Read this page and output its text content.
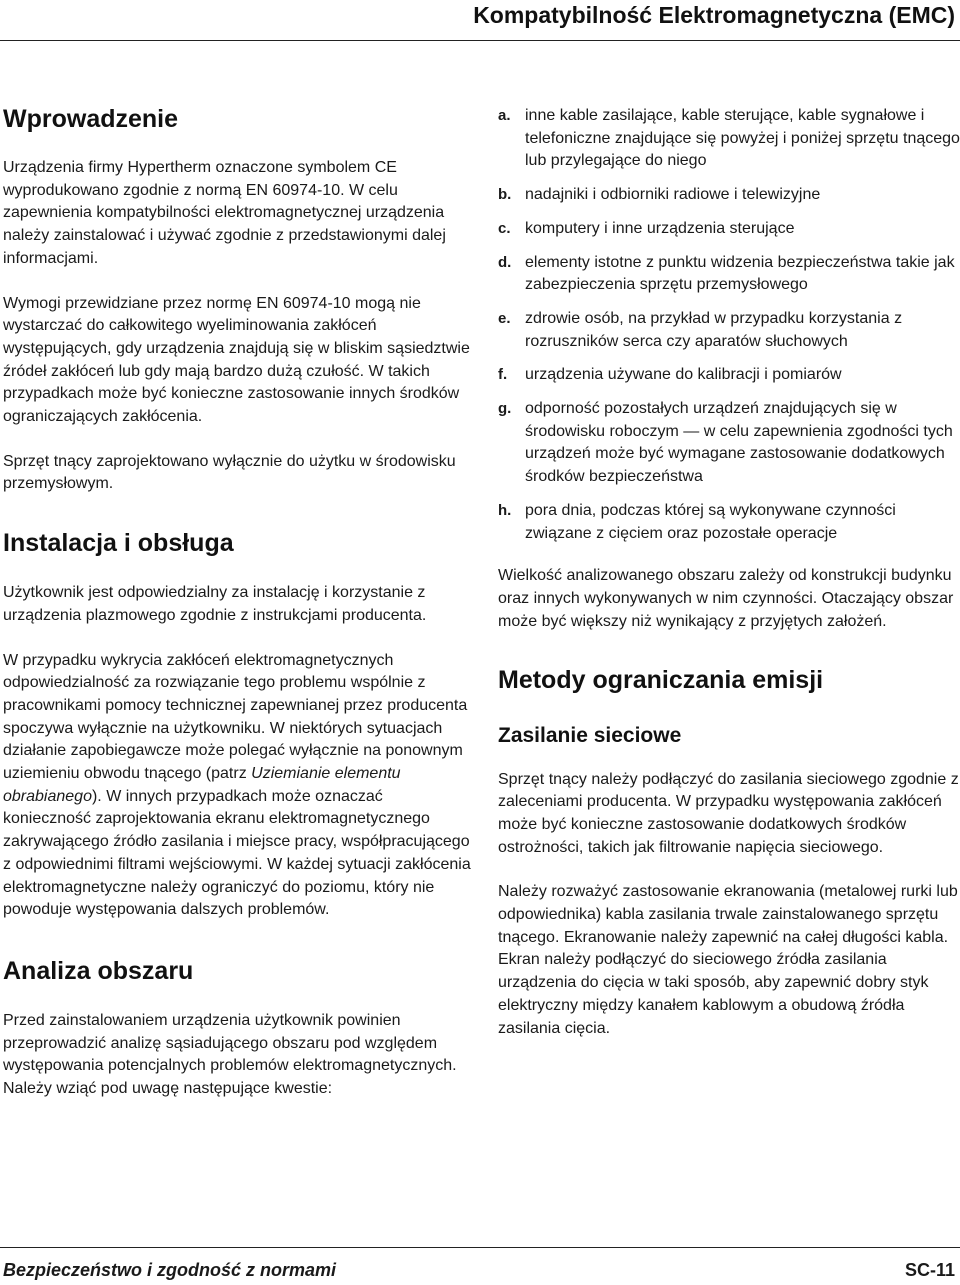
Kompatybilność Elektromagnetyczna (EMC)
Wprowadzenie

Urządzenia firmy Hypertherm oznaczone symbolem CE wyprodukowano zgodnie z normą EN 60974-10. W celu zapewnienia kompatybilności elektromagnetycznej urządzenia należy zainstalować i używać zgodnie z przedstawionymi dalej informacjami.

Wymogi przewidziane przez normę EN 60974-10 mogą nie wystarczać do całkowitego wyeliminowania zakłóceń występujących, gdy urządzenia znajdują się w bliskim sąsiedztwie źródeł zakłóceń lub gdy mają bardzo dużą czułość. W takich przypadkach może być konieczne zastosowanie innych środków ograniczających zakłócenia.

Sprzęt tnący zaprojektowano wyłącznie do użytku w środowisku przemysłowym.

Instalacja i obsługa

Użytkownik jest odpowiedzialny za instalację i korzystanie z urządzenia plazmowego zgodnie z instrukcjami producenta.

W przypadku wykrycia zakłóceń elektromagnetycznych odpowiedzialność za rozwiązanie tego problemu wspólnie z pracownikami pomocy technicznej zapewnianej przez producenta spoczywa wyłącznie na użytkowniku. W niektórych sytuacjach działanie zapobiegawcze może polegać wyłącznie na ponownym uziemieniu obwodu tnącego (patrz Uziemianie elementu obrabianego). W innych przypadkach może oznaczać konieczność zaprojektowania ekranu elektromagnetycznego zakrywającego źródło zasilania i miejsce pracy, współpracującego z odpowiednimi filtrami wejściowymi. W każdej sytuacji zakłócenia elektromagnetyczne należy ograniczyć do poziomu, który nie powoduje występowania dalszych problemów.

Analiza obszaru

Przed zainstalowaniem urządzenia użytkownik powinien przeprowadzić analizę sąsiadującego obszaru pod względem występowania potencjalnych problemów elektromagnetycznych. Należy wziąć pod uwagę następujące kwestie:

a. inne kable zasilające, kable sterujące, kable sygnałowe i telefoniczne znajdujące się powyżej i poniżej sprzętu tnącego lub przylegające do niego
b. nadajniki i odbiorniki radiowe i telewizyjne
c. komputery i inne urządzenia sterujące
d. elementy istotne z punktu widzenia bezpieczeństwa takie jak zabezpieczenia sprzętu przemysłowego
e. zdrowie osób, na przykład w przypadku korzystania z rozruszników serca czy aparatów słuchowych
f.	urządzenia używane do kalibracji i pomiarów
g. odporność pozostałych urządzeń znajdujących się w środowisku roboczym — w celu zapewnienia zgodności tych urządzeń może być wymagane zastosowanie dodatkowych środków bezpieczeństwa
h. pora dnia, podczas której są wykonywane czynności związane z cięciem oraz pozostałe operacje

Wielkość analizowanego obszaru zależy od konstrukcji budynku oraz innych wykonywanych w nim czynności. Otaczający obszar może być większy niż wynikający z przyjętych założeń.

Metody ograniczania emisji
Zasilanie sieciowe

Sprzęt tnący należy podłączyć do zasilania sieciowego zgodnie z zaleceniami producenta. W przypadku występowania zakłóceń może być konieczne zastosowanie dodatkowych środków ostrożności, takich jak filtrowanie napięcia sieciowego.

Należy rozważyć zastosowanie ekranowania (metalowej rurki lub odpowiednika) kabla zasilania trwale zainstalowanego sprzętu tnącego. Ekranowanie należy zapewnić na całej długości kabla. Ekran należy podłączyć do sieciowego źródła zasilania urządzenia do cięcia w taki sposób, aby zapewnić dobry styk elektryczny między kanałem kablowym a obudową źródła zasilania cięcia.

Bezpieczeństwo i zgodność z normami	SC-11
